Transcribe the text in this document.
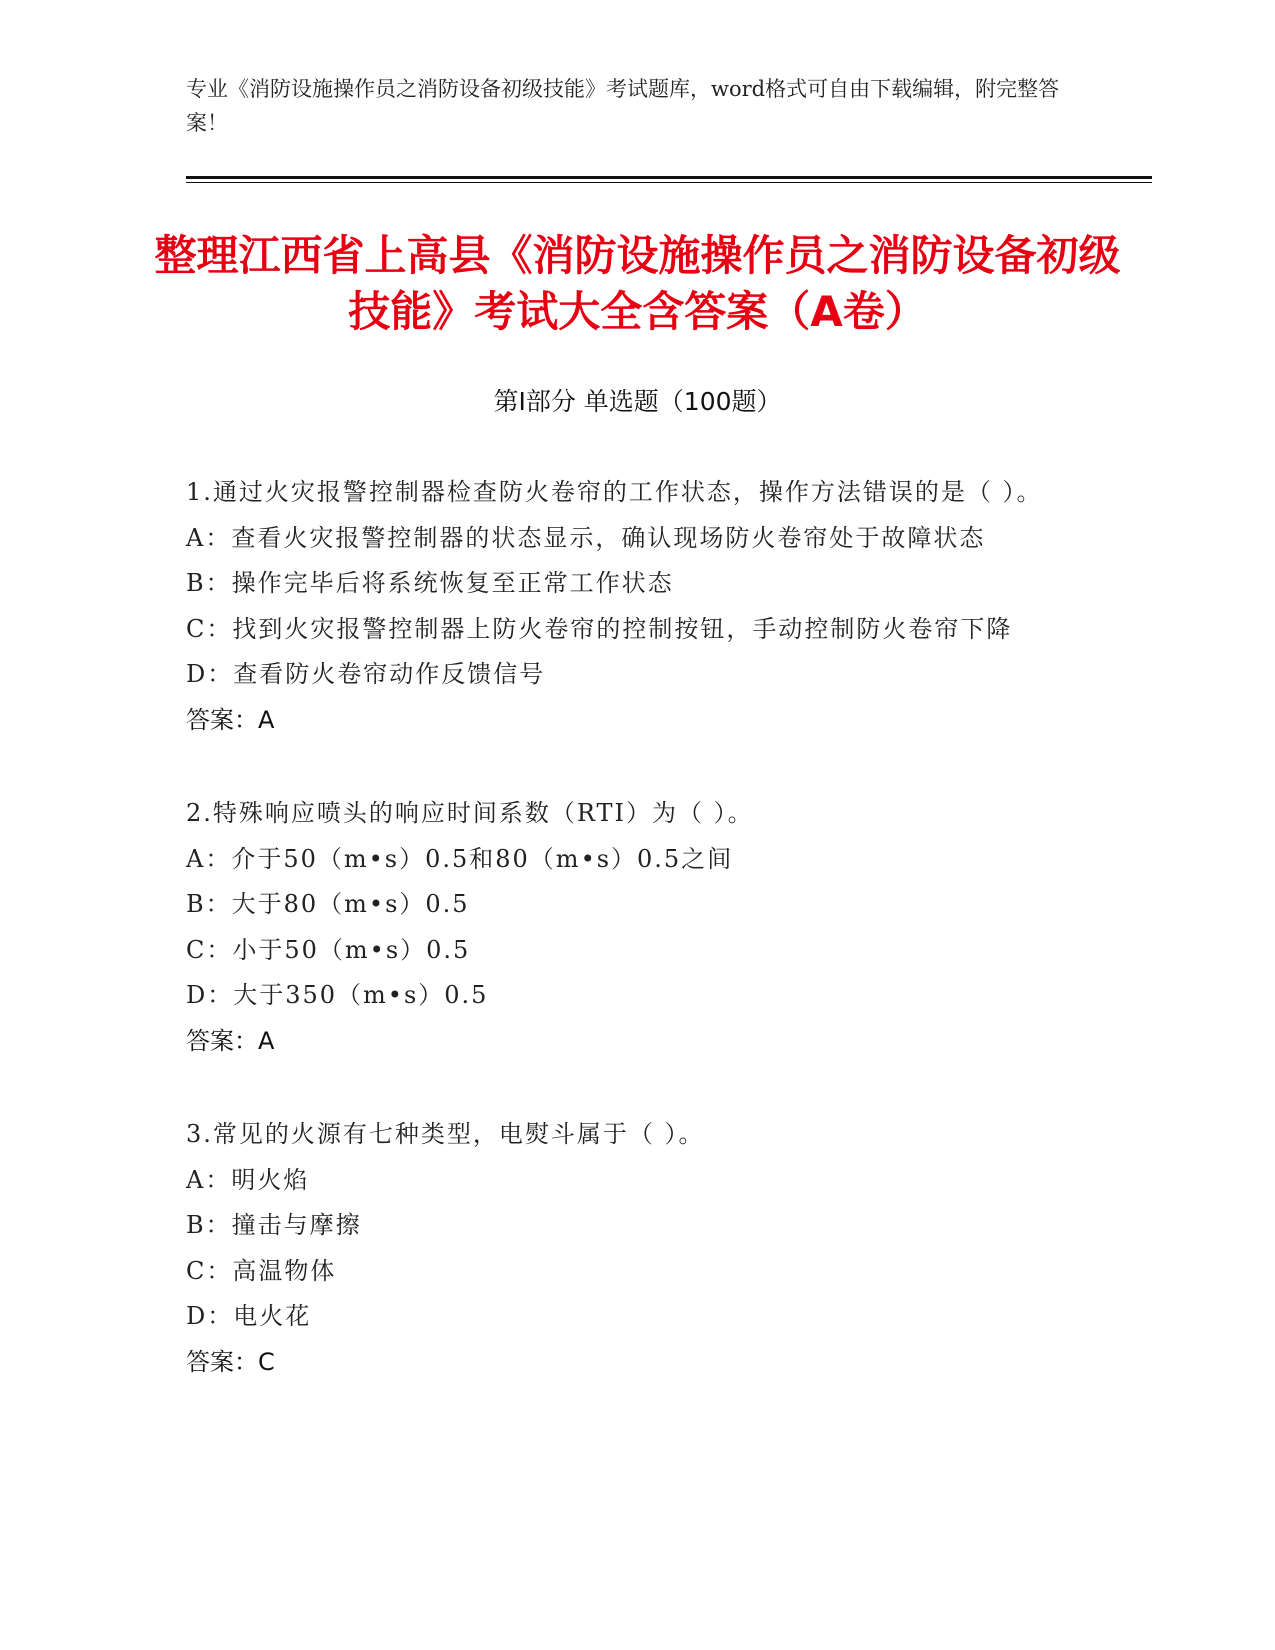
专业《消防设施操作员之消防设备初级技能》考试题库，word格式可自由下载编辑，附完整答案！
整理江西省上高县《消防设施操作员之消防设备初级技能》考试大全含答案（A卷）
第Ⅰ部分 单选题（100题）
1.通过火灾报警控制器检查防火卷帘的工作状态，操作方法错误的是（ ）。
A：查看火灾报警控制器的状态显示，确认现场防火卷帘处于故障状态
B：操作完毕后将系统恢复至正常工作状态
C：找到火灾报警控制器上防火卷帘的控制按钮，手动控制防火卷帘下降
D：查看防火卷帘动作反馈信号
答案：A
2.特殊响应喷头的响应时间系数（RTI）为（ ）。
A：介于50（m•s）0.5和80（m•s）0.5之间
B：大于80（m•s）0.5
C：小于50（m•s）0.5
D：大于350（m•s）0.5
答案：A
3.常见的火源有七种类型，电熨斗属于（ ）。
A：明火焰
B：撞击与摩擦
C：高温物体
D：电火花
答案：C
